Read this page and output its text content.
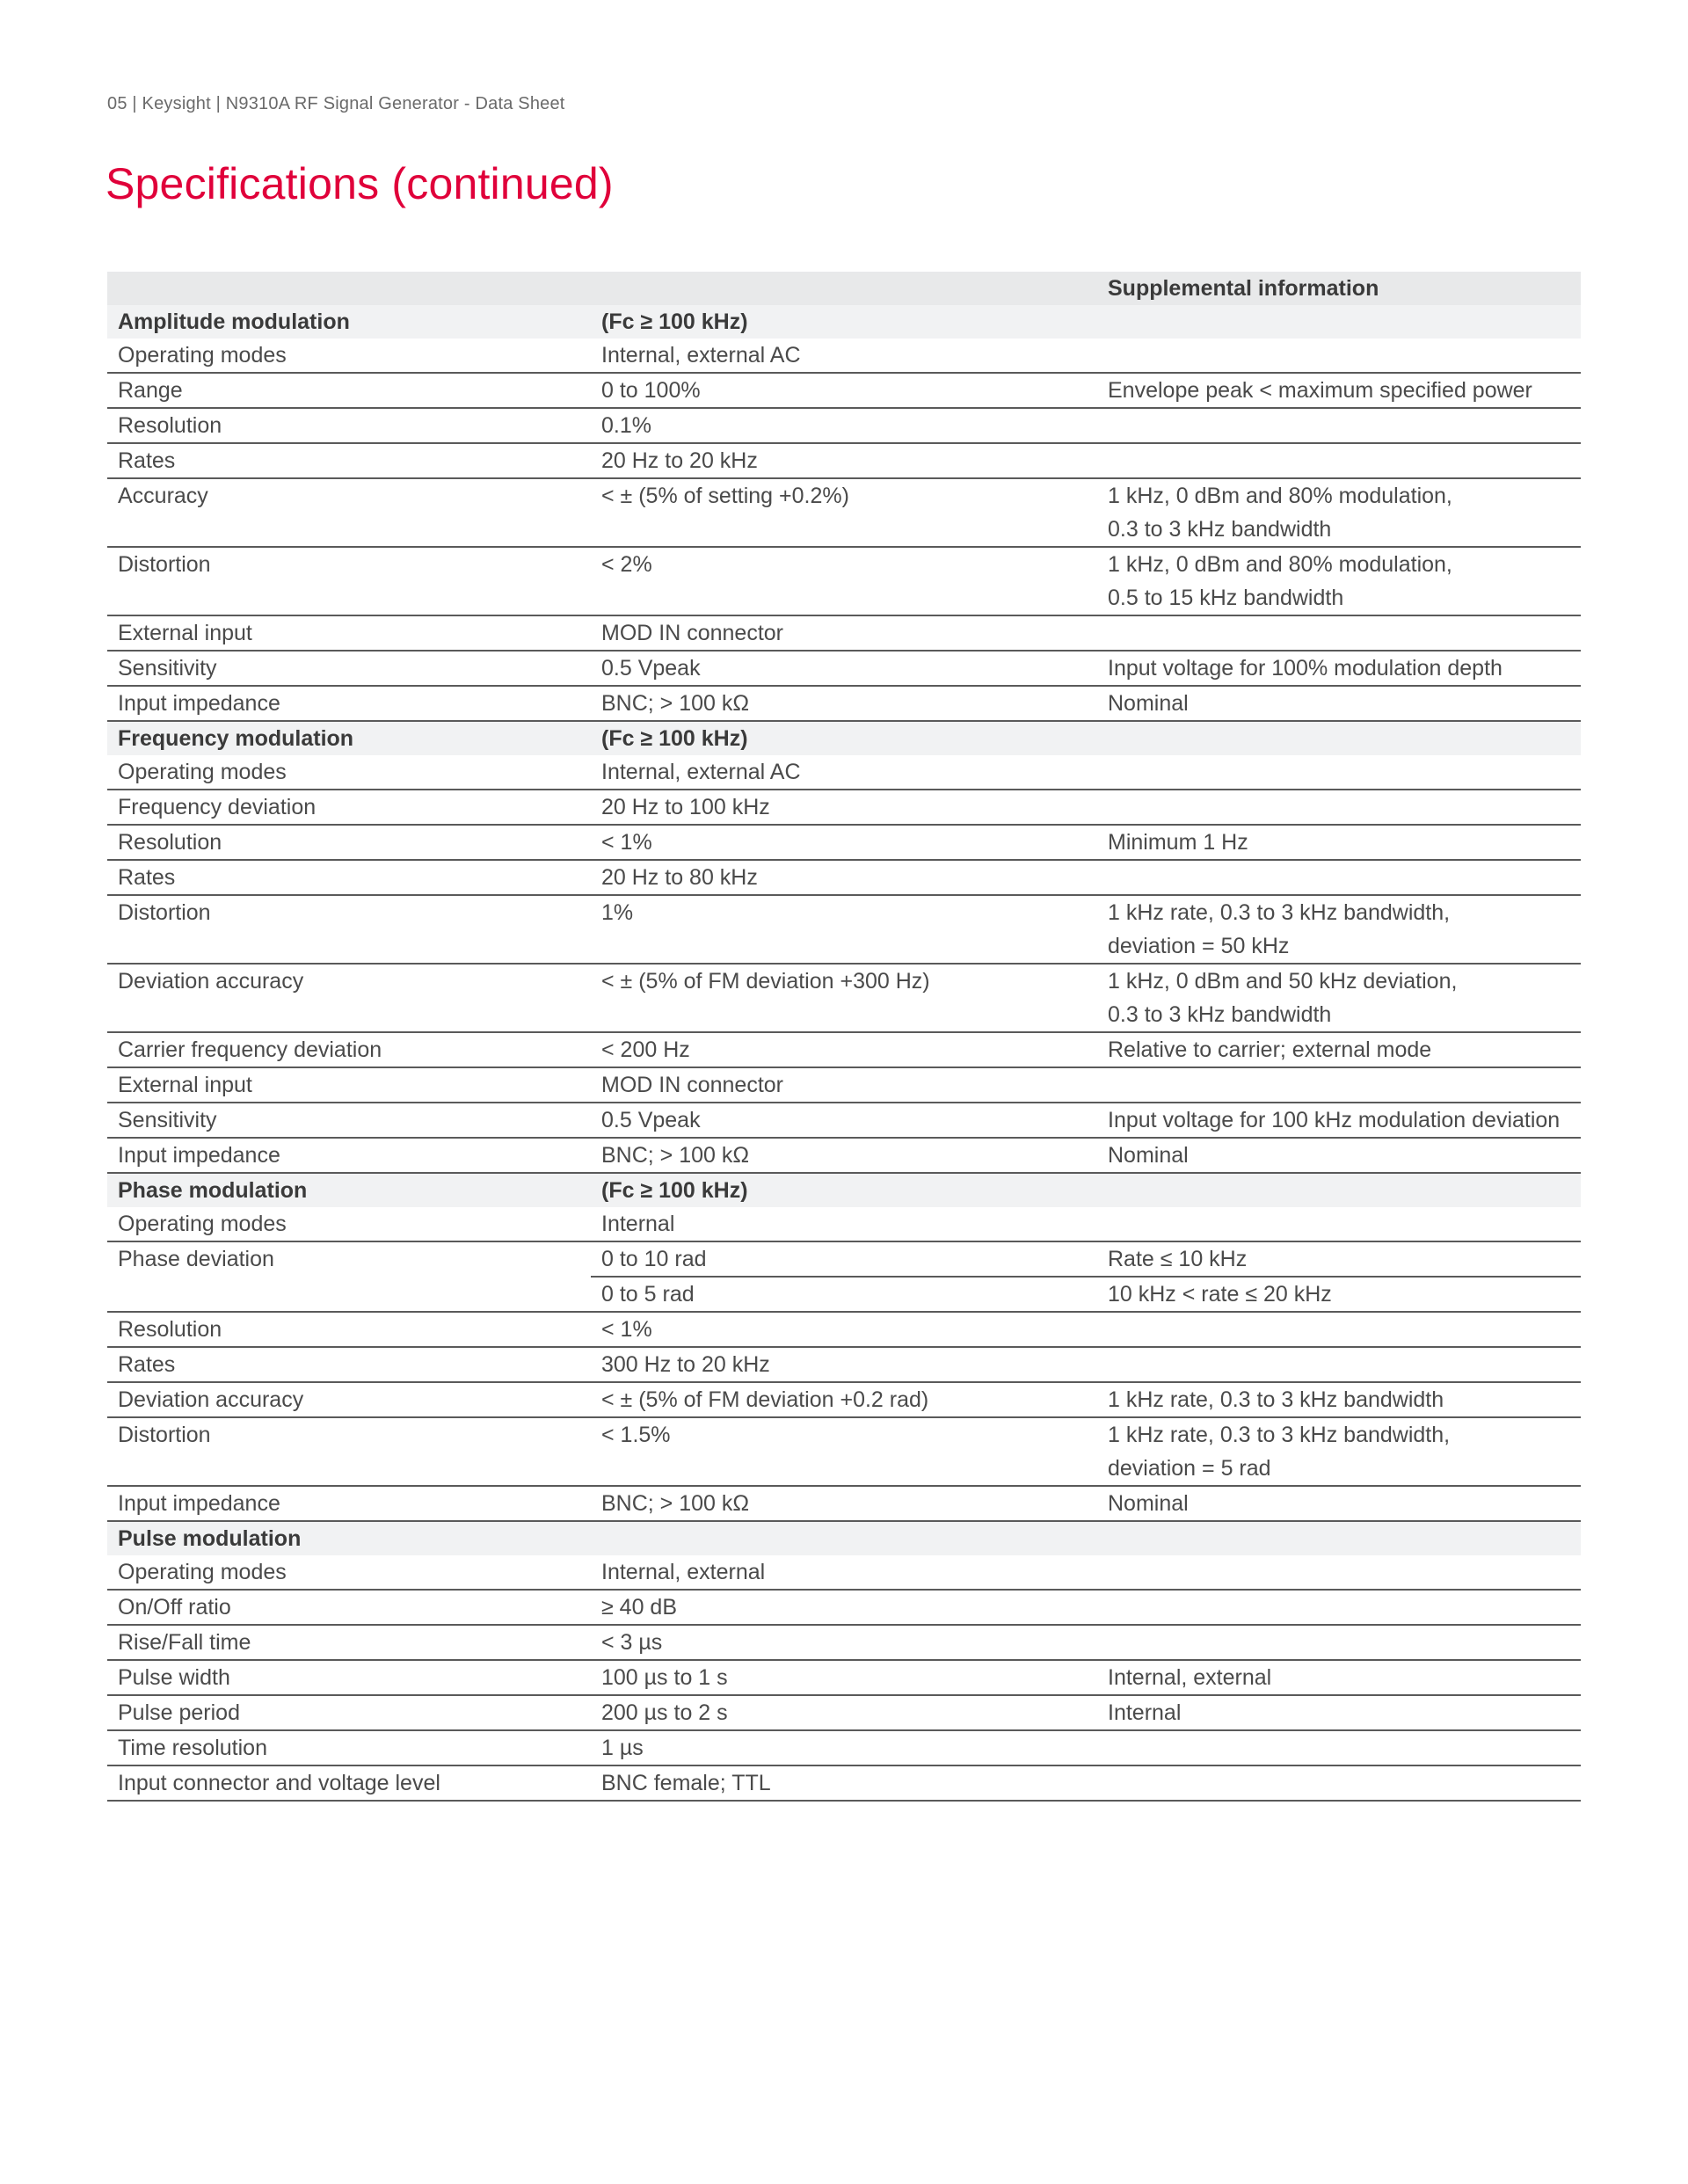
05 | Keysight | N9310A RF Signal Generator - Data Sheet
Specifications (continued)
		Supplemental information
Amplitude modulation	(Fc ≥ 100 kHz)	
Operating modes	Internal, external AC	
Range	0 to 100%	Envelope peak < maximum specified power
Resolution	0.1%	
Rates	20 Hz to 20 kHz	
Accuracy	< ± (5% of setting +0.2%)	1 kHz, 0 dBm and 80% modulation,
0.3 to 3 kHz bandwidth

Distortion	< 2%	1 kHz, 0 dBm and 80% modulation,
0.5 to 15 kHz bandwidth

External input	MOD IN connector	
Sensitivity	0.5 Vpeak	Input voltage for 100% modulation depth
Input impedance	BNC; > 100 kΩ	Nominal
Frequency modulation	(Fc ≥ 100 kHz)	
Operating modes	Internal, external AC	
Frequency deviation	20 Hz to 100 kHz	
Resolution	< 1%	Minimum 1 Hz
Rates	20 Hz to 80 kHz	
Distortion	1%	1 kHz rate, 0.3 to 3 kHz bandwidth,
deviation = 50 kHz

Deviation accuracy	< ± (5% of FM deviation +300 Hz)	1 kHz, 0 dBm and 50 kHz deviation,
0.3 to 3 kHz bandwidth

Carrier frequency deviation	< 200 Hz	Relative to carrier; external mode
External input	MOD IN connector	
Sensitivity	0.5 Vpeak	Input voltage for 100 kHz modulation deviation
Input impedance	BNC; > 100 kΩ	Nominal
Phase modulation	(Fc ≥ 100 kHz)	
Operating modes	Internal	
Phase deviation	0 to 10 rad	Rate ≤ 10 kHz
	0 to 5 rad	10 kHz < rate ≤ 20 kHz
Resolution	< 1%	
Rates	300 Hz to 20 kHz	
Deviation accuracy	< ± (5% of FM deviation +0.2 rad)	1 kHz rate, 0.3 to 3 kHz bandwidth
Distortion	< 1.5%	1 kHz rate, 0.3 to 3 kHz bandwidth,
deviation = 5 rad

Input impedance	BNC; > 100 kΩ	Nominal
Pulse modulation		
Operating modes	Internal, external	
On/Off ratio	≥ 40 dB	
Rise/Fall time	< 3 µs	
Pulse width	100 µs to 1 s	Internal, external
Pulse period	200 µs to 2 s	Internal
Time resolution	1 µs	
Input connector and voltage level	BNC female; TTL	
